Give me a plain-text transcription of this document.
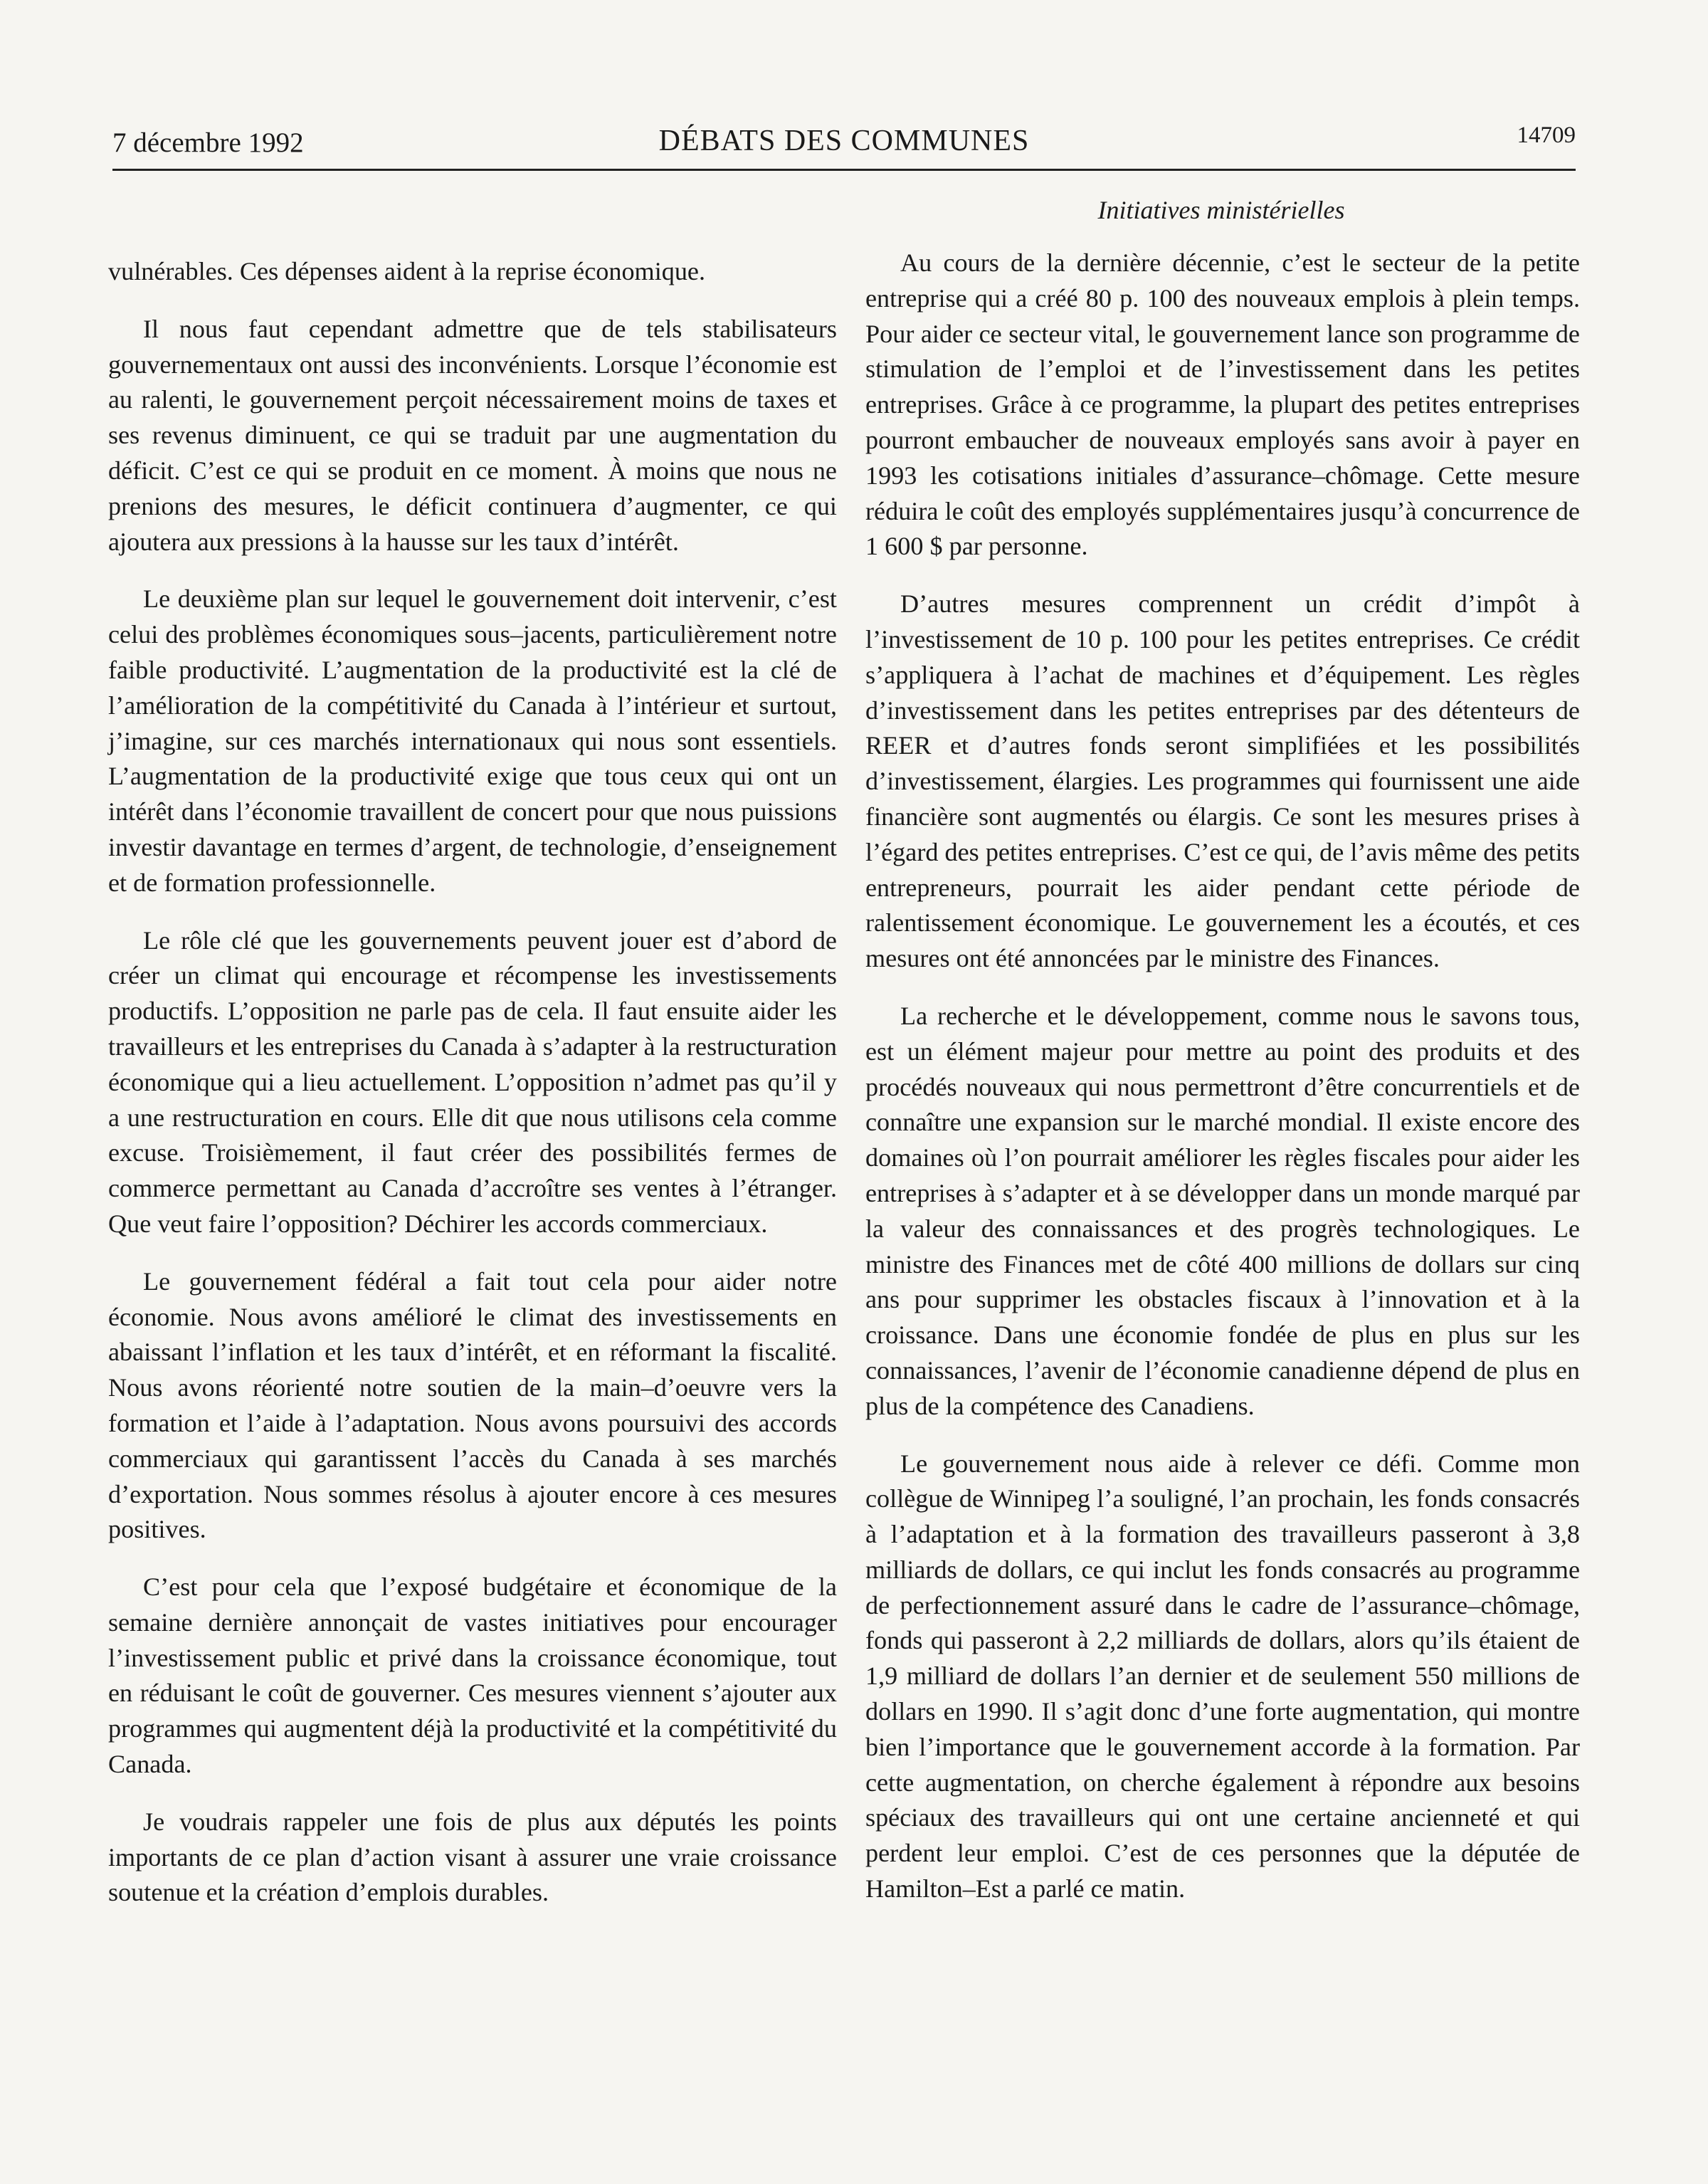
7 décembre 1992	DÉBATS DES COMMUNES	14709
Initiatives ministérielles

vulnérables. Ces dépenses aident à la reprise économique.

Il nous faut cependant admettre que de tels stabilisateurs gouvernementaux ont aussi des inconvénients. Lorsque l’économie est au ralenti, le gouvernement perçoit nécessairement moins de taxes et ses revenus diminuent, ce qui se traduit par une augmentation du déficit. C’est ce qui se produit en ce moment. À moins que nous ne prenions des mesures, le déficit continuera d’augmenter, ce qui ajoutera aux pressions à la hausse sur les taux d’intérêt.

Le deuxième plan sur lequel le gouvernement doit intervenir, c’est celui des problèmes économiques sous–jacents, particulièrement notre faible productivité. L’augmentation de la productivité est la clé de l’amélioration de la compétitivité du Canada à l’intérieur et surtout, j’imagine, sur ces marchés internationaux qui nous sont essentiels. L’augmentation de la productivité exige que tous ceux qui ont un intérêt dans l’économie travaillent de concert pour que nous puissions investir davantage en termes d’argent, de technologie, d’enseignement et de formation professionnelle.

Le rôle clé que les gouvernements peuvent jouer est d’abord de créer un climat qui encourage et récompense les investissements productifs. L’opposition ne parle pas de cela. Il faut ensuite aider les travailleurs et les entreprises du Canada à s’adapter à la restructuration économique qui a lieu actuellement. L’opposition n’admet pas qu’il y a une restructuration en cours. Elle dit que nous utilisons cela comme excuse. Troisièmement, il faut créer des possibilités fermes de commerce permettant au Canada d’accroître ses ventes à l’étranger. Que veut faire l’opposition? Déchirer les accords commerciaux.

Le gouvernement fédéral a fait tout cela pour aider notre économie. Nous avons amélioré le climat des investissements en abaissant l’inflation et les taux d’intérêt, et en réformant la fiscalité. Nous avons réorienté notre soutien de la main–d’oeuvre vers la formation et l’aide à l’adaptation. Nous avons poursuivi des accords commerciaux qui garantissent l’accès du Canada à ses marchés d’exportation. Nous sommes résolus à ajouter encore à ces mesures positives.

C’est pour cela que l’exposé budgétaire et économique de la semaine dernière annonçait de vastes initiatives pour encourager l’investissement public et privé dans la croissance économique, tout en réduisant le coût de gouverner. Ces mesures viennent s’ajouter aux programmes qui augmentent déjà la productivité et la compétitivité du Canada.

Je voudrais rappeler une fois de plus aux députés les points importants de ce plan d’action visant à assurer une vraie croissance soutenue et la création d’emplois durables.

Au cours de la dernière décennie, c’est le secteur de la petite entreprise qui a créé 80 p. 100 des nouveaux emplois à plein temps. Pour aider ce secteur vital, le gouvernement lance son programme de stimulation de l’emploi et de l’investissement dans les petites entreprises. Grâce à ce programme, la plupart des petites entreprises pourront embaucher de nouveaux employés sans avoir à payer en 1993 les cotisations initiales d’assurance–chômage. Cette mesure réduira le coût des employés supplémentaires jusqu’à concurrence de 1 600 $ par personne.

D’autres mesures comprennent un crédit d’impôt à l’investissement de 10 p. 100 pour les petites entreprises. Ce crédit s’appliquera à l’achat de machines et d’équipement. Les règles d’investissement dans les petites entreprises par des détenteurs de REER et d’autres fonds seront simplifiées et les possibilités d’investissement, élargies. Les programmes qui fournissent une aide financière sont augmentés ou élargis. Ce sont les mesures prises à l’égard des petites entreprises. C’est ce qui, de l’avis même des petits entrepreneurs, pourrait les aider pendant cette période de ralentissement économique. Le gouvernement les a écoutés, et ces mesures ont été annoncées par le ministre des Finances.

La recherche et le développement, comme nous le savons tous, est un élément majeur pour mettre au point des produits et des procédés nouveaux qui nous permettront d’être concurrentiels et de connaître une expansion sur le marché mondial. Il existe encore des domaines où l’on pourrait améliorer les règles fiscales pour aider les entreprises à s’adapter et à se développer dans un monde marqué par la valeur des connaissances et des progrès technologiques. Le ministre des Finances met de côté 400 millions de dollars sur cinq ans pour supprimer les obstacles fiscaux à l’innovation et à la croissance. Dans une économie fondée de plus en plus sur les connaissances, l’avenir de l’économie canadienne dépend de plus en plus de la compétence des Canadiens.

Le gouvernement nous aide à relever ce défi. Comme mon collègue de Winnipeg l’a souligné, l’an prochain, les fonds consacrés à l’adaptation et à la formation des travailleurs passeront à 3,8 milliards de dollars, ce qui inclut les fonds consacrés au programme de perfectionnement assuré dans le cadre de l’assurance–chômage, fonds qui passeront à 2,2 milliards de dollars, alors qu’ils étaient de 1,9 milliard de dollars l’an dernier et de seulement 550 millions de dollars en 1990. Il s’agit donc d’une forte augmentation, qui montre bien l’importance que le gouvernement accorde à la formation. Par cette augmentation, on cherche également à répondre aux besoins spéciaux des travailleurs qui ont une certaine ancienneté et qui perdent leur emploi. C’est de ces personnes que la députée de Hamilton–Est a parlé ce matin.
